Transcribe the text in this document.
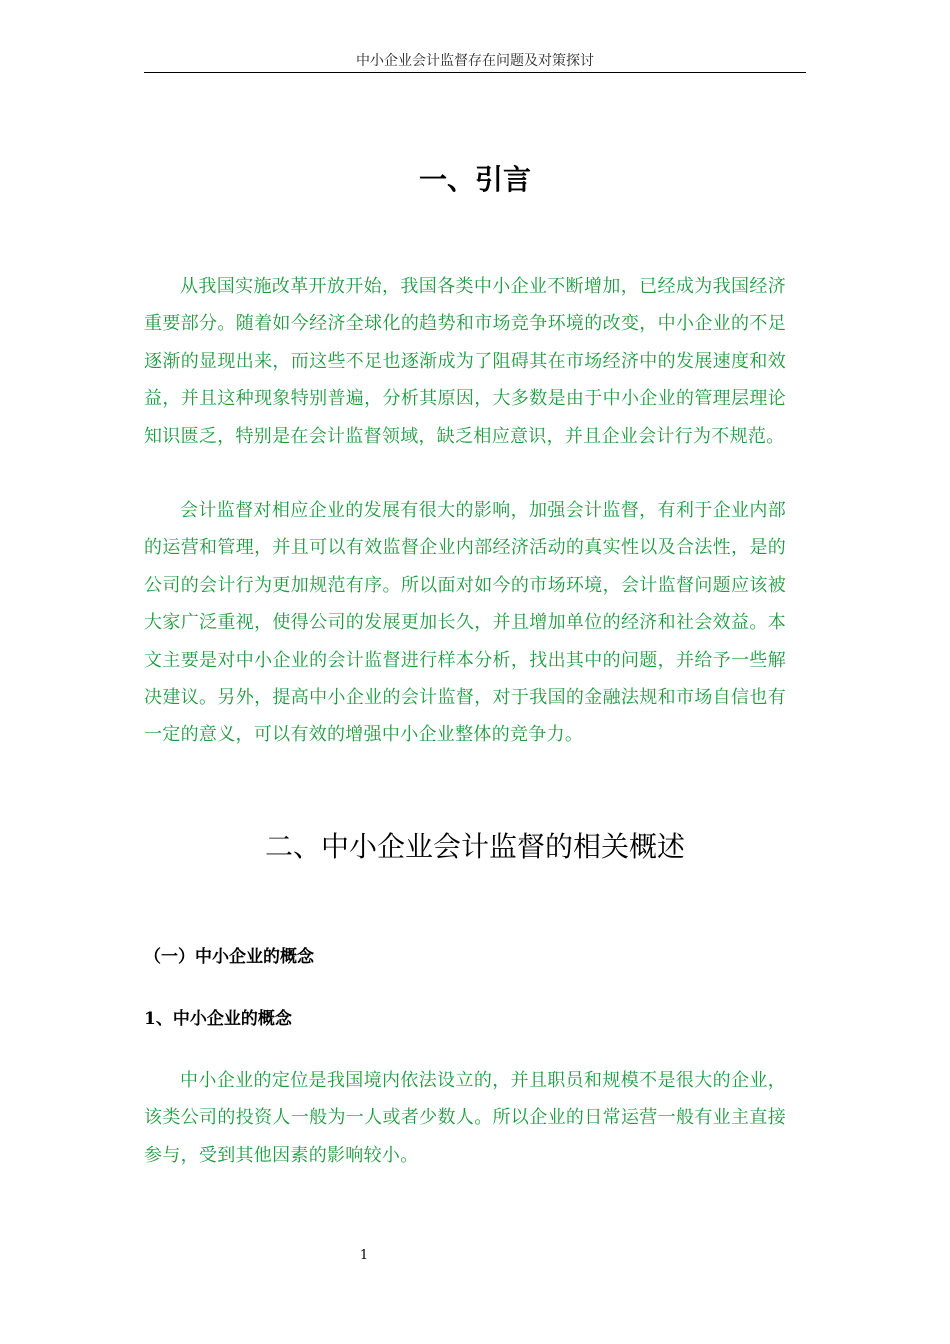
中小企业会计监督存在问题及对策探讨
一、引言

从我国实施改革开放开始，我国各类中小企业不断增加，已经成为我国经济重要部分。随着如今经济全球化的趋势和市场竞争环境的改变，中小企业的不足逐渐的显现出来，而这些不足也逐渐成为了阻碍其在市场经济中的发展速度和效益，并且这种现象特别普遍，分析其原因，大多数是由于中小企业的管理层理论知识匮乏，特别是在会计监督领域，缺乏相应意识，并且企业会计行为不规范。

会计监督对相应企业的发展有很大的影响，加强会计监督，有利于企业内部的运营和管理，并且可以有效监督企业内部经济活动的真实性以及合法性，是的公司的会计行为更加规范有序。所以面对如今的市场环境，会计监督问题应该被大家广泛重视，使得公司的发展更加长久，并且增加单位的经济和社会效益。本文主要是对中小企业的会计监督进行样本分析，找出其中的问题，并给予一些解决建议。另外，提高中小企业的会计监督，对于我国的金融法规和市场自信也有一定的意义，可以有效的增强中小企业整体的竞争力。

二、中小企业会计监督的相关概述
（一）中小企业的概念
1、中小企业的概念

中小企业的定位是我国境内依法设立的，并且职员和规模不是很大的企业，该类公司的投资人一般为一人或者少数人。所以企业的日常运营一般有业主直接参与，受到其他因素的影响较小。

1
